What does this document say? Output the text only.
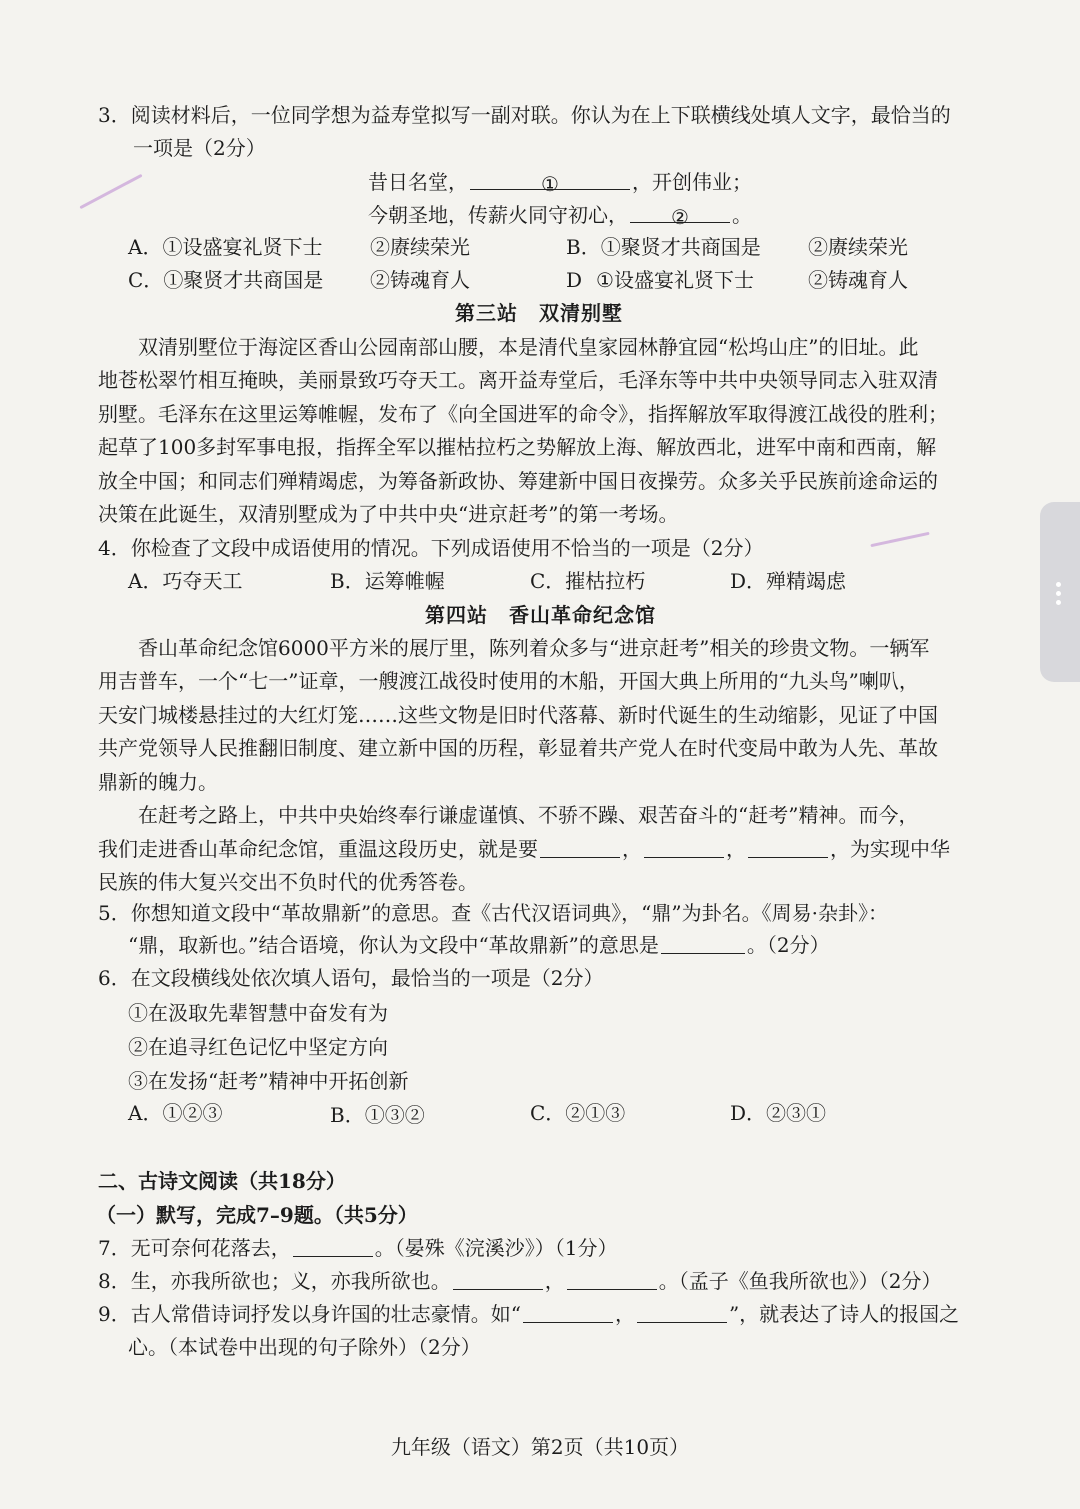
3．阅读材料后，一位同学想为益寿堂拟写一副对联。你认为在上下联横线处填人文字，最恰当的
一项是（2分）
昔日名堂，	①	，开创伟业；
今朝圣地，传薪火同守初心， ② 。
A．①设盛宴礼贤下士 ②赓续荣光	B．①聚贤才共商国是 ②赓续荣光
C．①聚贤才共商国是 ②铸魂育人	D ①设盛宴礼贤下士	②铸魂育人
第三站　双清别墅
双清别墅位于海淀区香山公园南部山腰，本是清代皇家园林静宜园“松坞山庄”的旧址。此
地苍松翠竹相互掩映，美丽景致巧夺天工。离开益寿堂后，毛泽东等中共中央领导同志入驻双清
别墅。毛泽东在这里运筹帷幄，发布了《向全国进军的命令》，指挥解放军取得渡江战役的胜利；
起草了100多封军事电报，指挥全军以摧枯拉朽之势解放上海、解放西北，进军中南和西南，解
放全中国；和同志们殚精竭虑，为筹备新政协、筹建新中国日夜操劳。众多关乎民族前途命运的
决策在此诞生，双清别墅成为了中共中央“进京赶考”的第一考场。
4．你检查了文段中成语使用的情况。下列成语使用不恰当的一项是（2分）
A．巧夺天工	B．运筹帷幄	C．摧枯拉朽	D．殚精竭虑
第四站　香山革命纪念馆
香山革命纪念馆6000平方米的展厅里，陈列着众多与“进京赶考”相关的珍贵文物。一辆军
用吉普车，一个“七一”证章，一艘渡江战役时使用的木船，开国大典上所用的“九头鸟”喇叭，
天安门城楼悬挂过的大红灯笼……这些文物是旧时代落幕、新时代诞生的生动缩影，见证了中国
共产党领导人民推翻旧制度、建立新中国的历程，彰显着共产党人在时代变局中敢为人先、革故
鼎新的魄力。
在赶考之路上，中共中央始终奉行谦虚谨慎、不骄不躁、艰苦奋斗的“赶考”精神。而今，
我们走进香山革命纪念馆，重温这段历史，就是要	，	，	，为实现中华
民族的伟大复兴交出不负时代的优秀答卷。
5．你想知道文段中“革故鼎新”的意思。查《古代汉语词典》，“鼎”为卦名。《周易·杂卦》：
“鼎，取新也。”结合语境，你认为文段中“革故鼎新”的意思是	。（2分）
6．在文段横线处依次填人语句，最恰当的一项是（2分）
①在汲取先辈智慧中奋发有为
②在追寻红色记忆中坚定方向
③在发扬“赶考”精神中开拓创新
A．①②③	B．①③②	C．②①③	D．②③①
二、古诗文阅读（共18分）
（一）默写，完成7–9题。（共5分）
7．无可奈何花落去，	。（晏殊《浣溪沙》）（1分）
8．生，亦我所欲也；义，亦我所欲也。	，	。（孟子《鱼我所欲也》）（2分）
9．古人常借诗词抒发以身许国的壮志豪情。如“	，	”，就表达了诗人的报国之
心。（本试卷中出现的句子除外）（2分）
九年级（语文）第2页（共10页）
